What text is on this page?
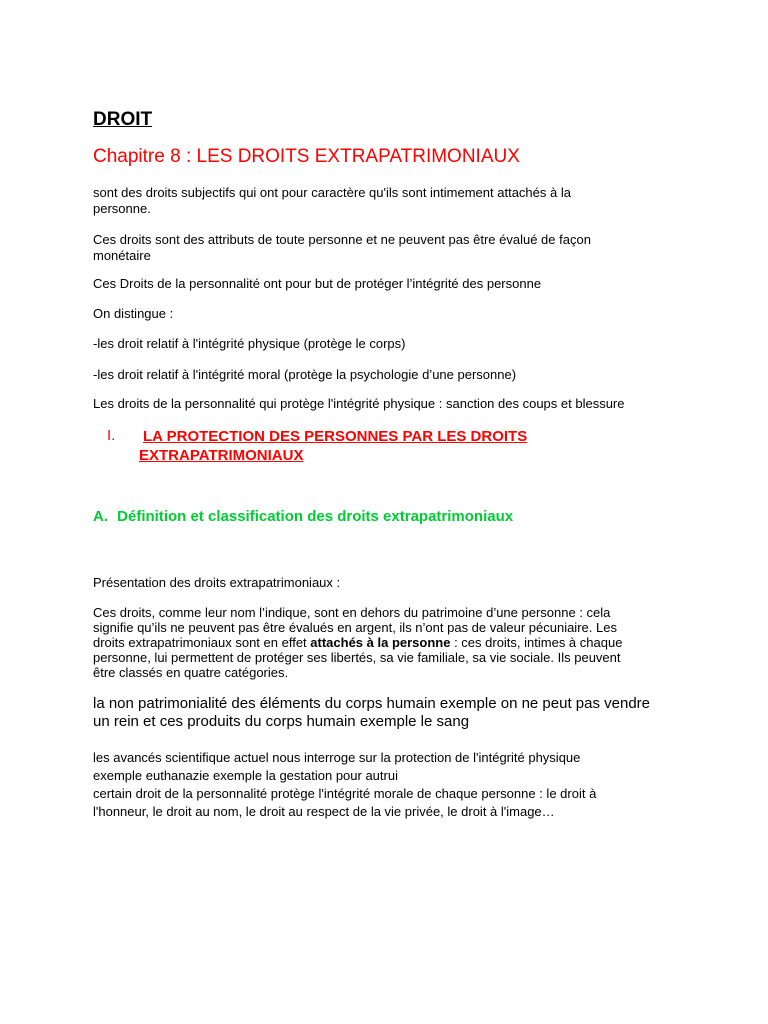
DROIT
Chapitre 8 : LES DROITS EXTRAPATRIMONIAUX
sont des droits subjectifs qui ont pour caractère qu'ils sont intimement attachés à la
personne.
Ces droits sont des attributs de toute personne et ne peuvent pas être évalué de façon
monétaire
Ces Droits de la personnalité ont pour but de protéger l’intégrité des personne
On distingue :
-les droit relatif à l'intégrité physique (protège le corps)
-les droit relatif à l'intégrité moral (protège la psychologie d’une personne)
Les droits de la personnalité qui protège l'intégrité physique : sanction des coups et blessure
I. LA PROTECTION DES PERSONNES PAR LES DROITS
EXTRAPATRIMONIAUX
A. Définition et classification des droits extrapatrimoniaux
Présentation des droits extrapatrimoniaux :
Ces droits, comme leur nom l’indique, sont en dehors du patrimoine d’une personne : cela
signifie qu’ils ne peuvent pas être évalués en argent, ils n’ont pas de valeur pécuniaire. Les
droits extrapatrimoniaux sont en effet attachés à la personne : ces droits, intimes à chaque
personne, lui permettent de protéger ses libertés, sa vie familiale, sa vie sociale. Ils peuvent
être classés en quatre catégories.
la non patrimonialité des éléments du corps humain exemple on ne peut pas vendre
un rein et ces produits du corps humain exemple le sang
les avancés scientifique actuel nous interroge sur la protection de l'intégrité physique
exemple euthanazie exemple la gestation pour autrui
certain droit de la personnalité protège l'intégrité morale de chaque personne : le droit à
l'honneur, le droit au nom, le droit au respect de la vie privée, le droit à l'image…
